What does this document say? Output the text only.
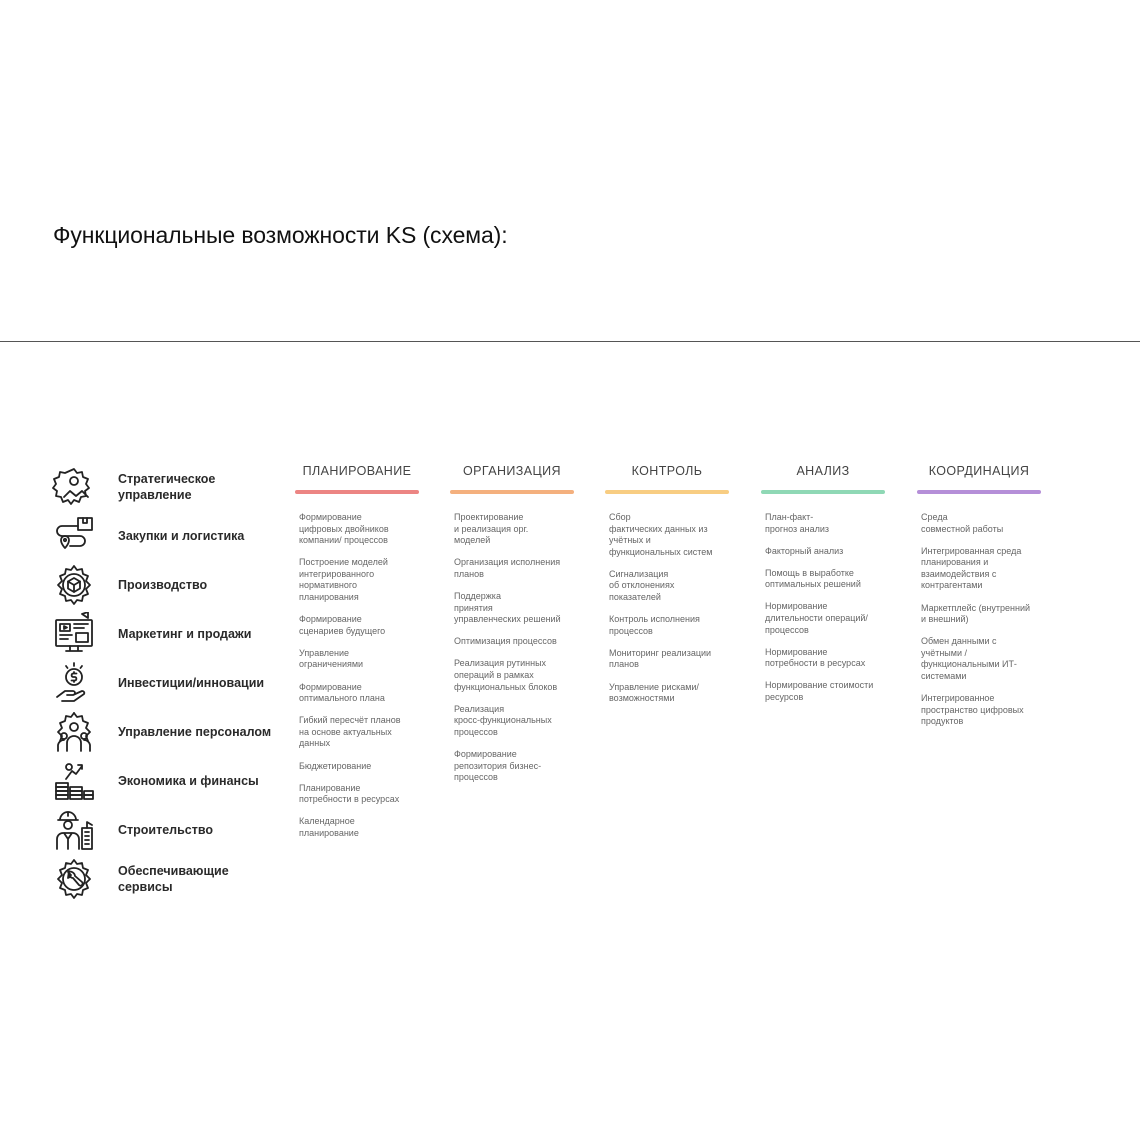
Функциональные возможности KS (схема):
Стратегическое
управление
Закупки и логистика
Производство
Маркетинг и продажи
Инвестиции/инновации
Управление персоналом
Экономика и финансы
Строительство
Обеспечивающие
сервисы
ПЛАНИРОВАНИЕ
Формирование
цифровых двойников
компании/ процессов
Построение моделей
интегрированного
нормативного
планирования
Формирование
сценариев будущего
Управление
ограничениями
Формирование
оптимального плана
Гибкий пересчёт планов
на основе актуальных
данных
Бюджетирование
Планирование
потребности в ресурсах
Календарное
планирование
ОРГАНИЗАЦИЯ
Проектирование
и реализация орг.
моделей
Организация исполнения
планов
Поддержка
принятия
управленческих решений
Оптимизация процессов
Реализация рутинных
операций в рамках
функциональных блоков
Реализация
кросс-функциональных
процессов
Формирование
репозитория бизнес-
процессов
КОНТРОЛЬ
Сбор
фактических данных из
учётных и
функциональных систем
Сигнализация
об отклонениях
показателей
Контроль исполнения
процессов
Мониторинг реализации
планов
Управление рисками/
возможностями
АНАЛИЗ
План-факт-
прогноз анализ
Факторный анализ
Помощь в выработке
оптимальных решений
Нормирование
длительности операций/
процессов
Нормирование
потребности в ресурсах
Нормирование стоимости
ресурсов
КООРДИНАЦИЯ
Среда
совместной работы
Интегрированная среда
планирования и
взаимодействия с
контрагентами
Маркетплейс (внутренний
и внешний)
Обмен данными с
учётными /
функциональными ИТ-
системами
Интегрированное
пространство цифровых
продуктов
